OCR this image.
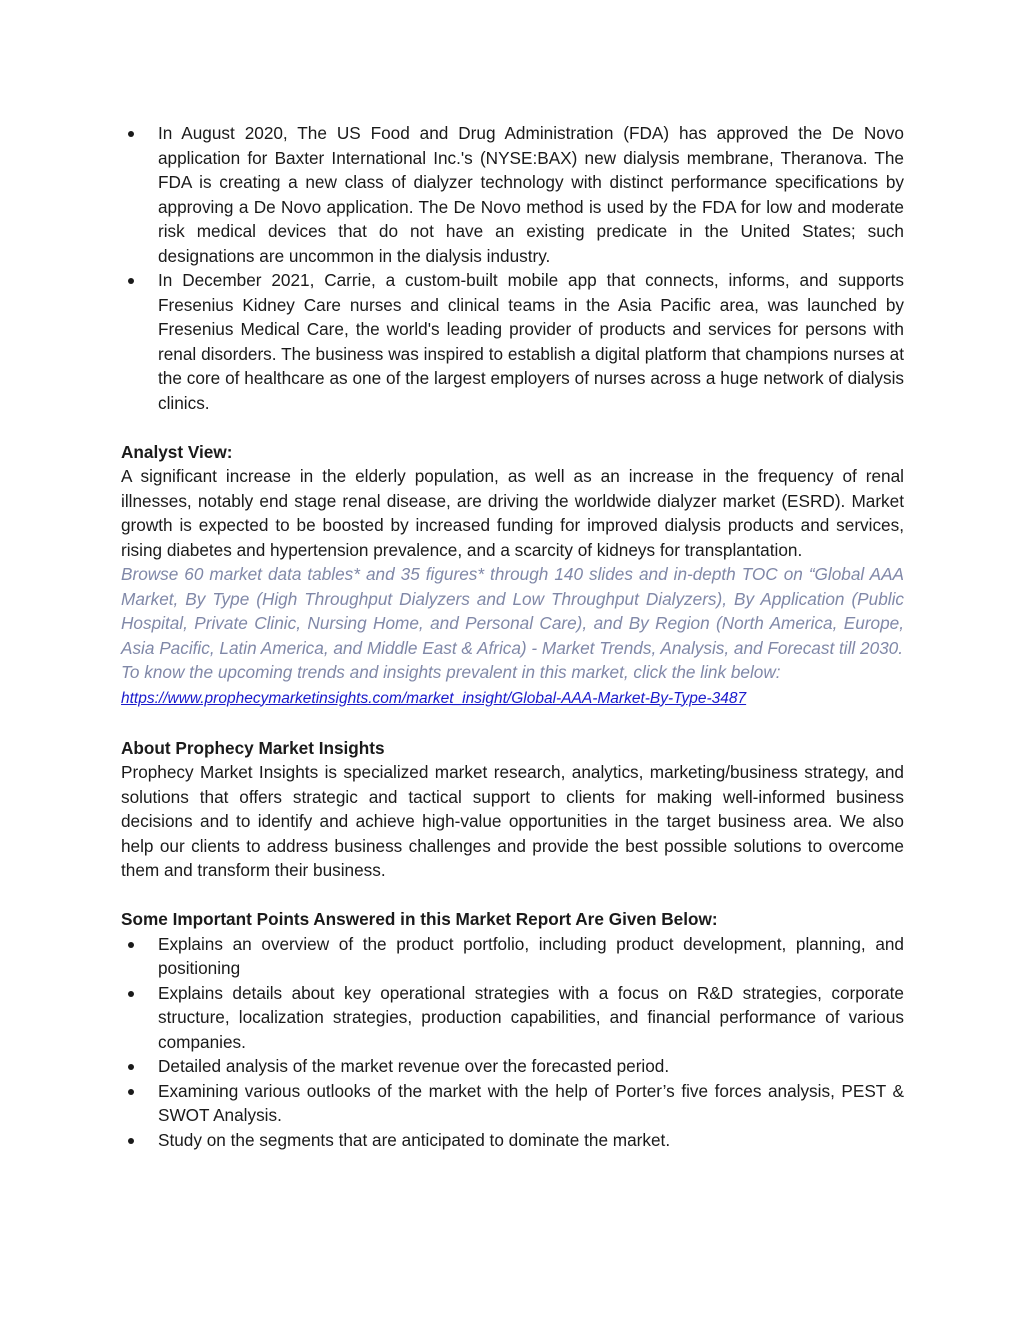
In August 2020, The US Food and Drug Administration (FDA) has approved the De Novo application for Baxter International Inc.'s (NYSE:BAX) new dialysis membrane, Theranova. The FDA is creating a new class of dialyzer technology with distinct performance specifications by approving a De Novo application. The De Novo method is used by the FDA for low and moderate risk medical devices that do not have an existing predicate in the United States; such designations are uncommon in the dialysis industry.
In December 2021, Carrie, a custom-built mobile app that connects, informs, and supports Fresenius Kidney Care nurses and clinical teams in the Asia Pacific area, was launched by Fresenius Medical Care, the world's leading provider of products and services for persons with renal disorders. The business was inspired to establish a digital platform that champions nurses at the core of healthcare as one of the largest employers of nurses across a huge network of dialysis clinics.
Analyst View:

A significant increase in the elderly population, as well as an increase in the frequency of renal illnesses, notably end stage renal disease, are driving the worldwide dialyzer market (ESRD). Market growth is expected to be boosted by increased funding for improved dialysis products and services, rising diabetes and hypertension prevalence, and a scarcity of kidneys for transplantation.

Browse 60 market data tables* and 35 figures* through 140 slides and in-depth TOC on “Global AAA Market, By Type (High Throughput Dialyzers and Low Throughput Dialyzers), By Application (Public Hospital, Private Clinic, Nursing Home, and Personal Care), and By Region (North America, Europe, Asia Pacific, Latin America, and Middle East & Africa) - Market Trends, Analysis, and Forecast till 2030.

To know the upcoming trends and insights prevalent in this market, click the link below:

https://www.prophecymarketinsights.com/market_insight/Global-AAA-Market-By-Type-3487
About Prophecy Market Insights

Prophecy Market Insights is specialized market research, analytics, marketing/business strategy, and solutions that offers strategic and tactical support to clients for making well-informed business decisions and to identify and achieve high-value opportunities in the target business area. We also help our clients to address business challenges and provide the best possible solutions to overcome them and transform their business.

Some Important Points Answered in this Market Report Are Given Below:
Explains an overview of the product portfolio, including product development, planning, and positioning
Explains details about key operational strategies with a focus on R&D strategies, corporate structure, localization strategies, production capabilities, and financial performance of various companies.
Detailed analysis of the market revenue over the forecasted period.
Examining various outlooks of the market with the help of Porter’s five forces analysis, PEST & SWOT Analysis.
Study on the segments that are anticipated to dominate the market.
